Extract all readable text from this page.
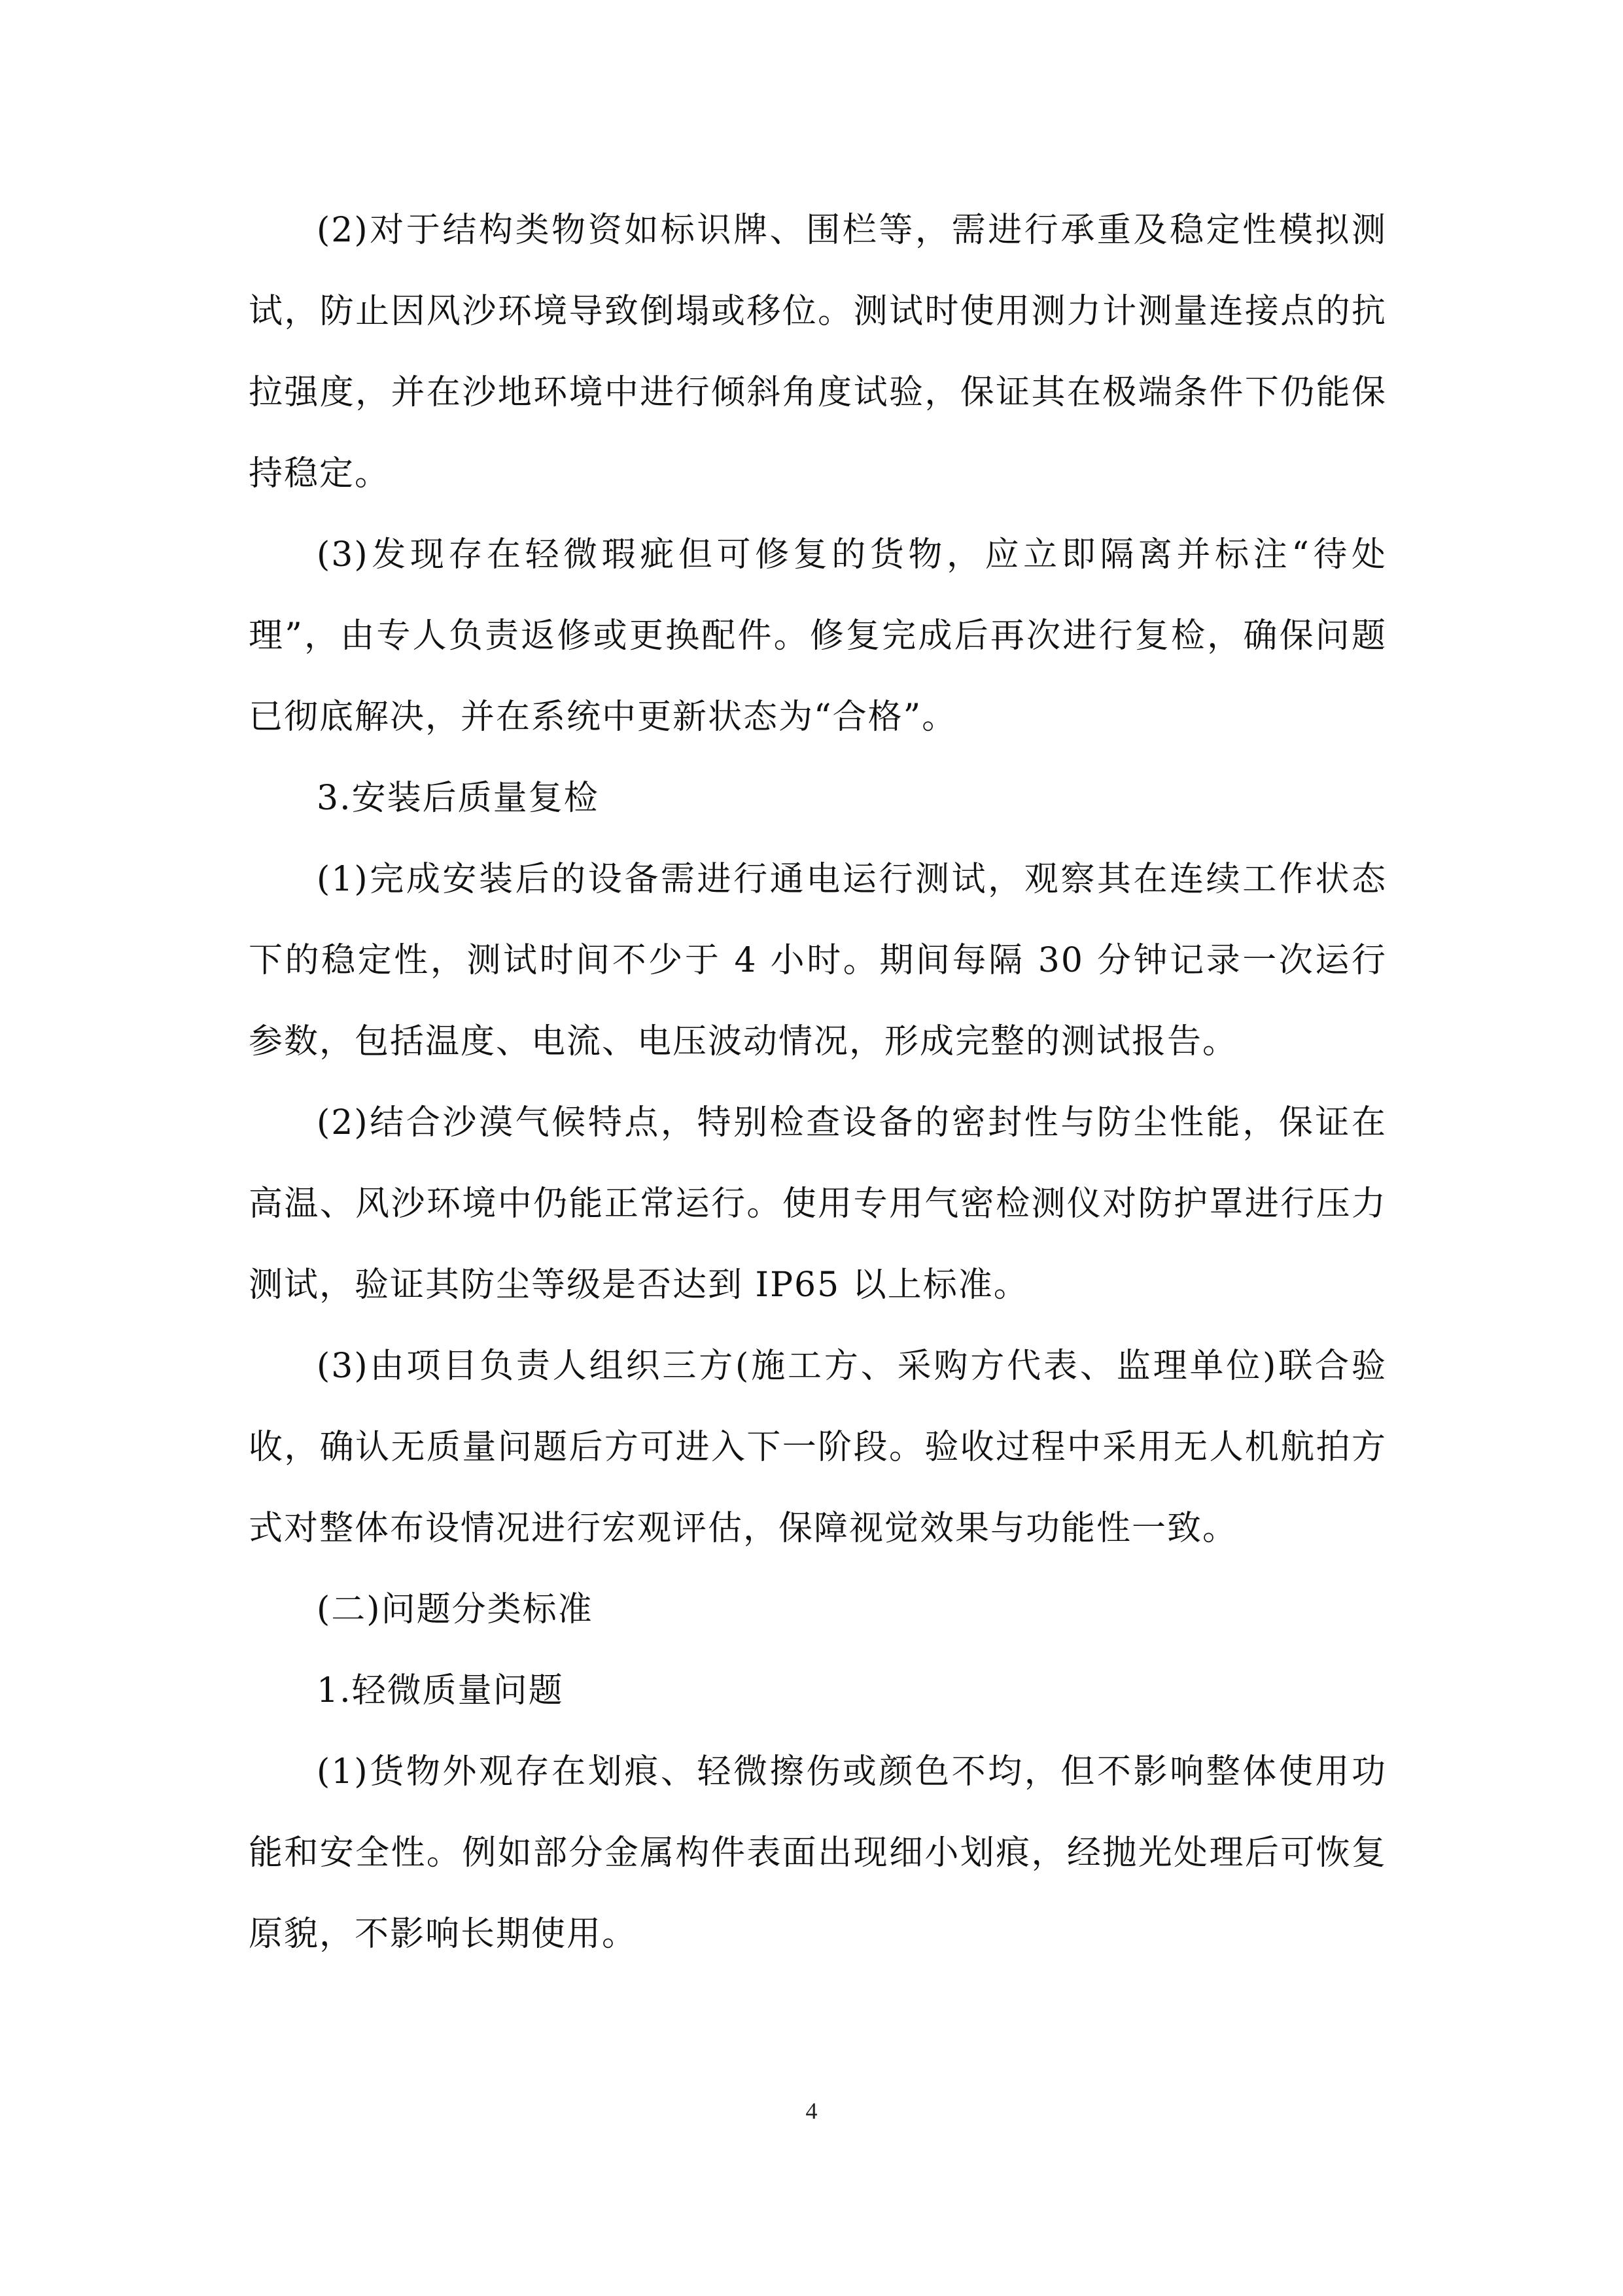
(2)对于结构类物资如标识牌、围栏等，需进行承重及稳定性模拟测试，防止因风沙环境导致倒塌或移位。测试时使用测力计测量连接点的抗拉强度，并在沙地环境中进行倾斜角度试验，保证其在极端条件下仍能保持稳定。

(3)发现存在轻微瑕疵但可修复的货物，应立即隔离并标注“待处理”，由专人负责返修或更换配件。修复完成后再次进行复检，确保问题已彻底解决，并在系统中更新状态为“合格”。

3.安装后质量复检

(1)完成安装后的设备需进行通电运行测试，观察其在连续工作状态下的稳定性，测试时间不少于 4 小时。期间每隔 30 分钟记录一次运行参数，包括温度、电流、电压波动情况，形成完整的测试报告。

(2)结合沙漠气候特点，特别检查设备的密封性与防尘性能，保证在高温、风沙环境中仍能正常运行。使用专用气密检测仪对防护罩进行压力测试，验证其防尘等级是否达到 IP65 以上标准。

(3)由项目负责人组织三方(施工方、采购方代表、监理单位)联合验收，确认无质量问题后方可进入下一阶段。验收过程中采用无人机航拍方式对整体布设情况进行宏观评估，保障视觉效果与功能性一致。

(二)问题分类标准

1.轻微质量问题

(1)货物外观存在划痕、轻微擦伤或颜色不均，但不影响整体使用功能和安全性。例如部分金属构件表面出现细小划痕，经抛光处理后可恢复原貌，不影响长期使用。

4
